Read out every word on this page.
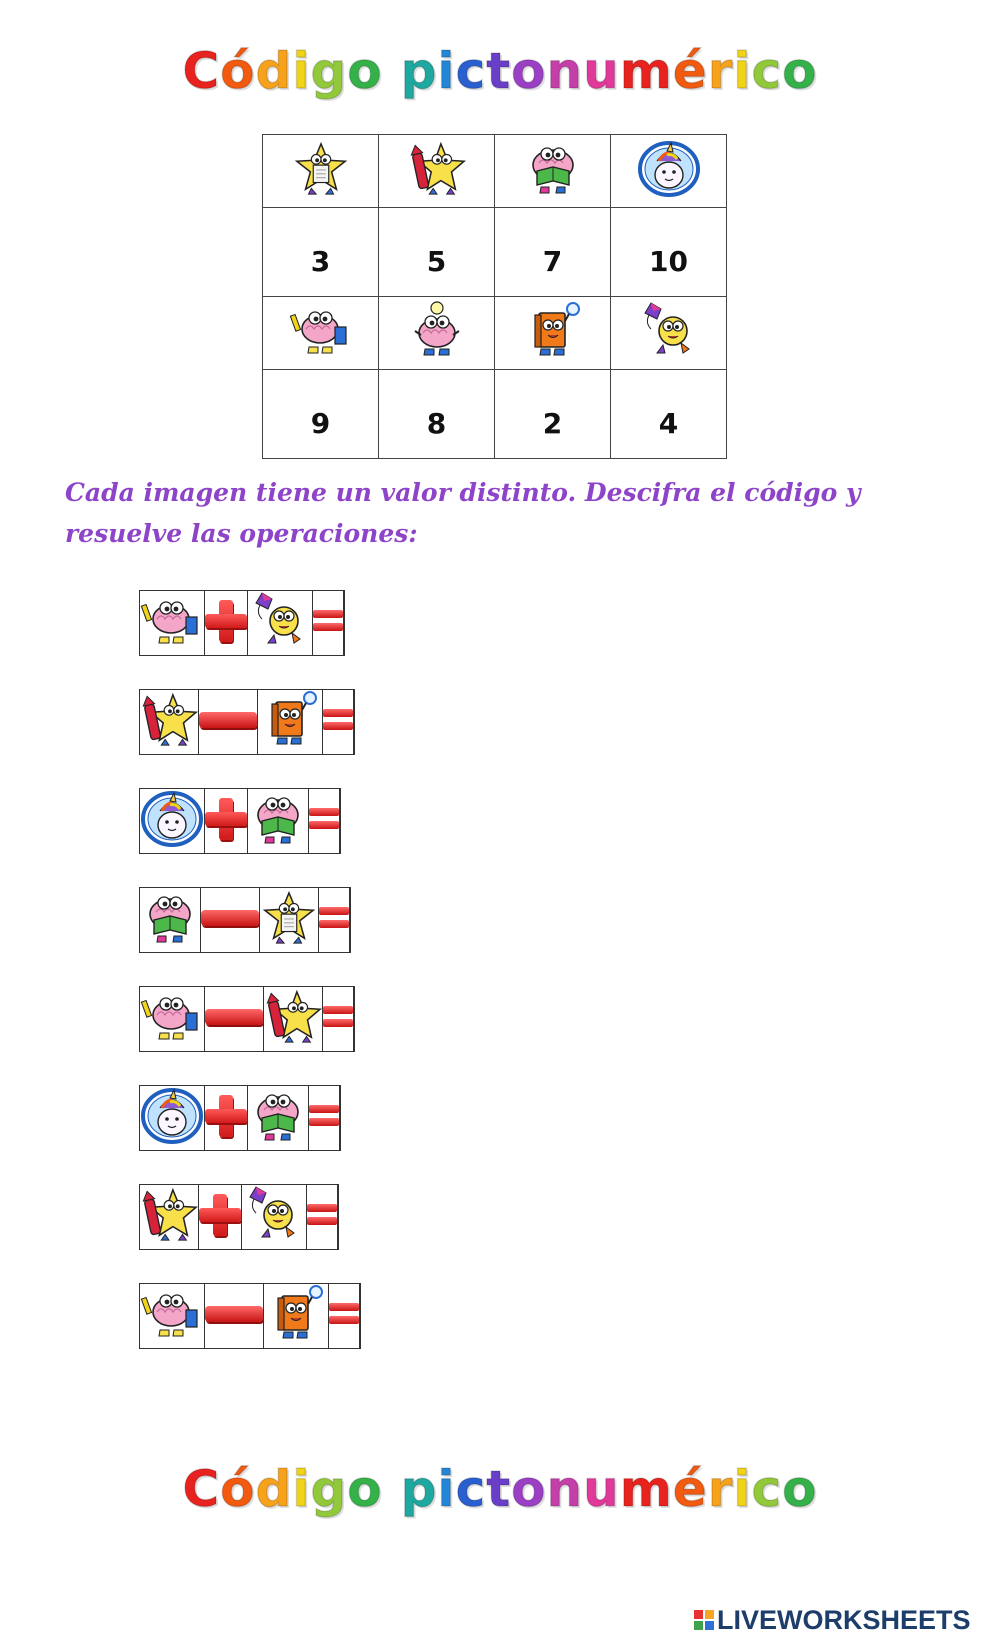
Código pictonumérico

3	5	7	10

9	8	2	4

Cada imagen tiene un valor distinto. Descifra el código y resuelve las operaciones:

Código pictonumérico
LIVEWORKSHEETS
